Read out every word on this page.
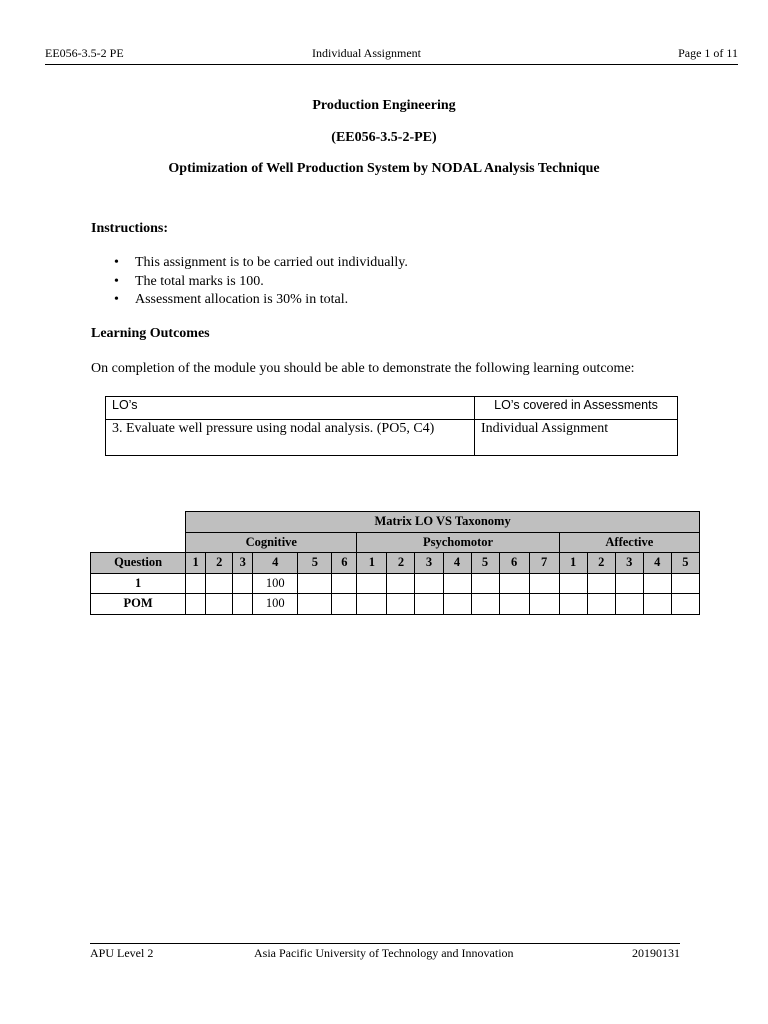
EE056-3.5-2 PE	Individual Assignment	Page 1 of 11
Production Engineering
(EE056-3.5-2-PE)
Optimization of Well Production System by NODAL Analysis Technique
Instructions:
• This assignment is to be carried out individually.
• The total marks is 100.
• Assessment allocation is 30% in total.
Learning Outcomes
On completion of the module you should be able to demonstrate the following learning outcome:
LO’s	LO’s covered in Assessments
3. Evaluate well pressure using nodal analysis. (PO5, C4)	Individual Assignment
	Matrix LO VS Taxonomy																	
	Cognitive						Psychomotor							Affective				
Question	1	2	3	4	5	6	1	2	3	4	5	6	7	1	2	3	4	5
1				100														
POM				100														
APU Level 2	Asia Pacific University of Technology and Innovation	20190131
